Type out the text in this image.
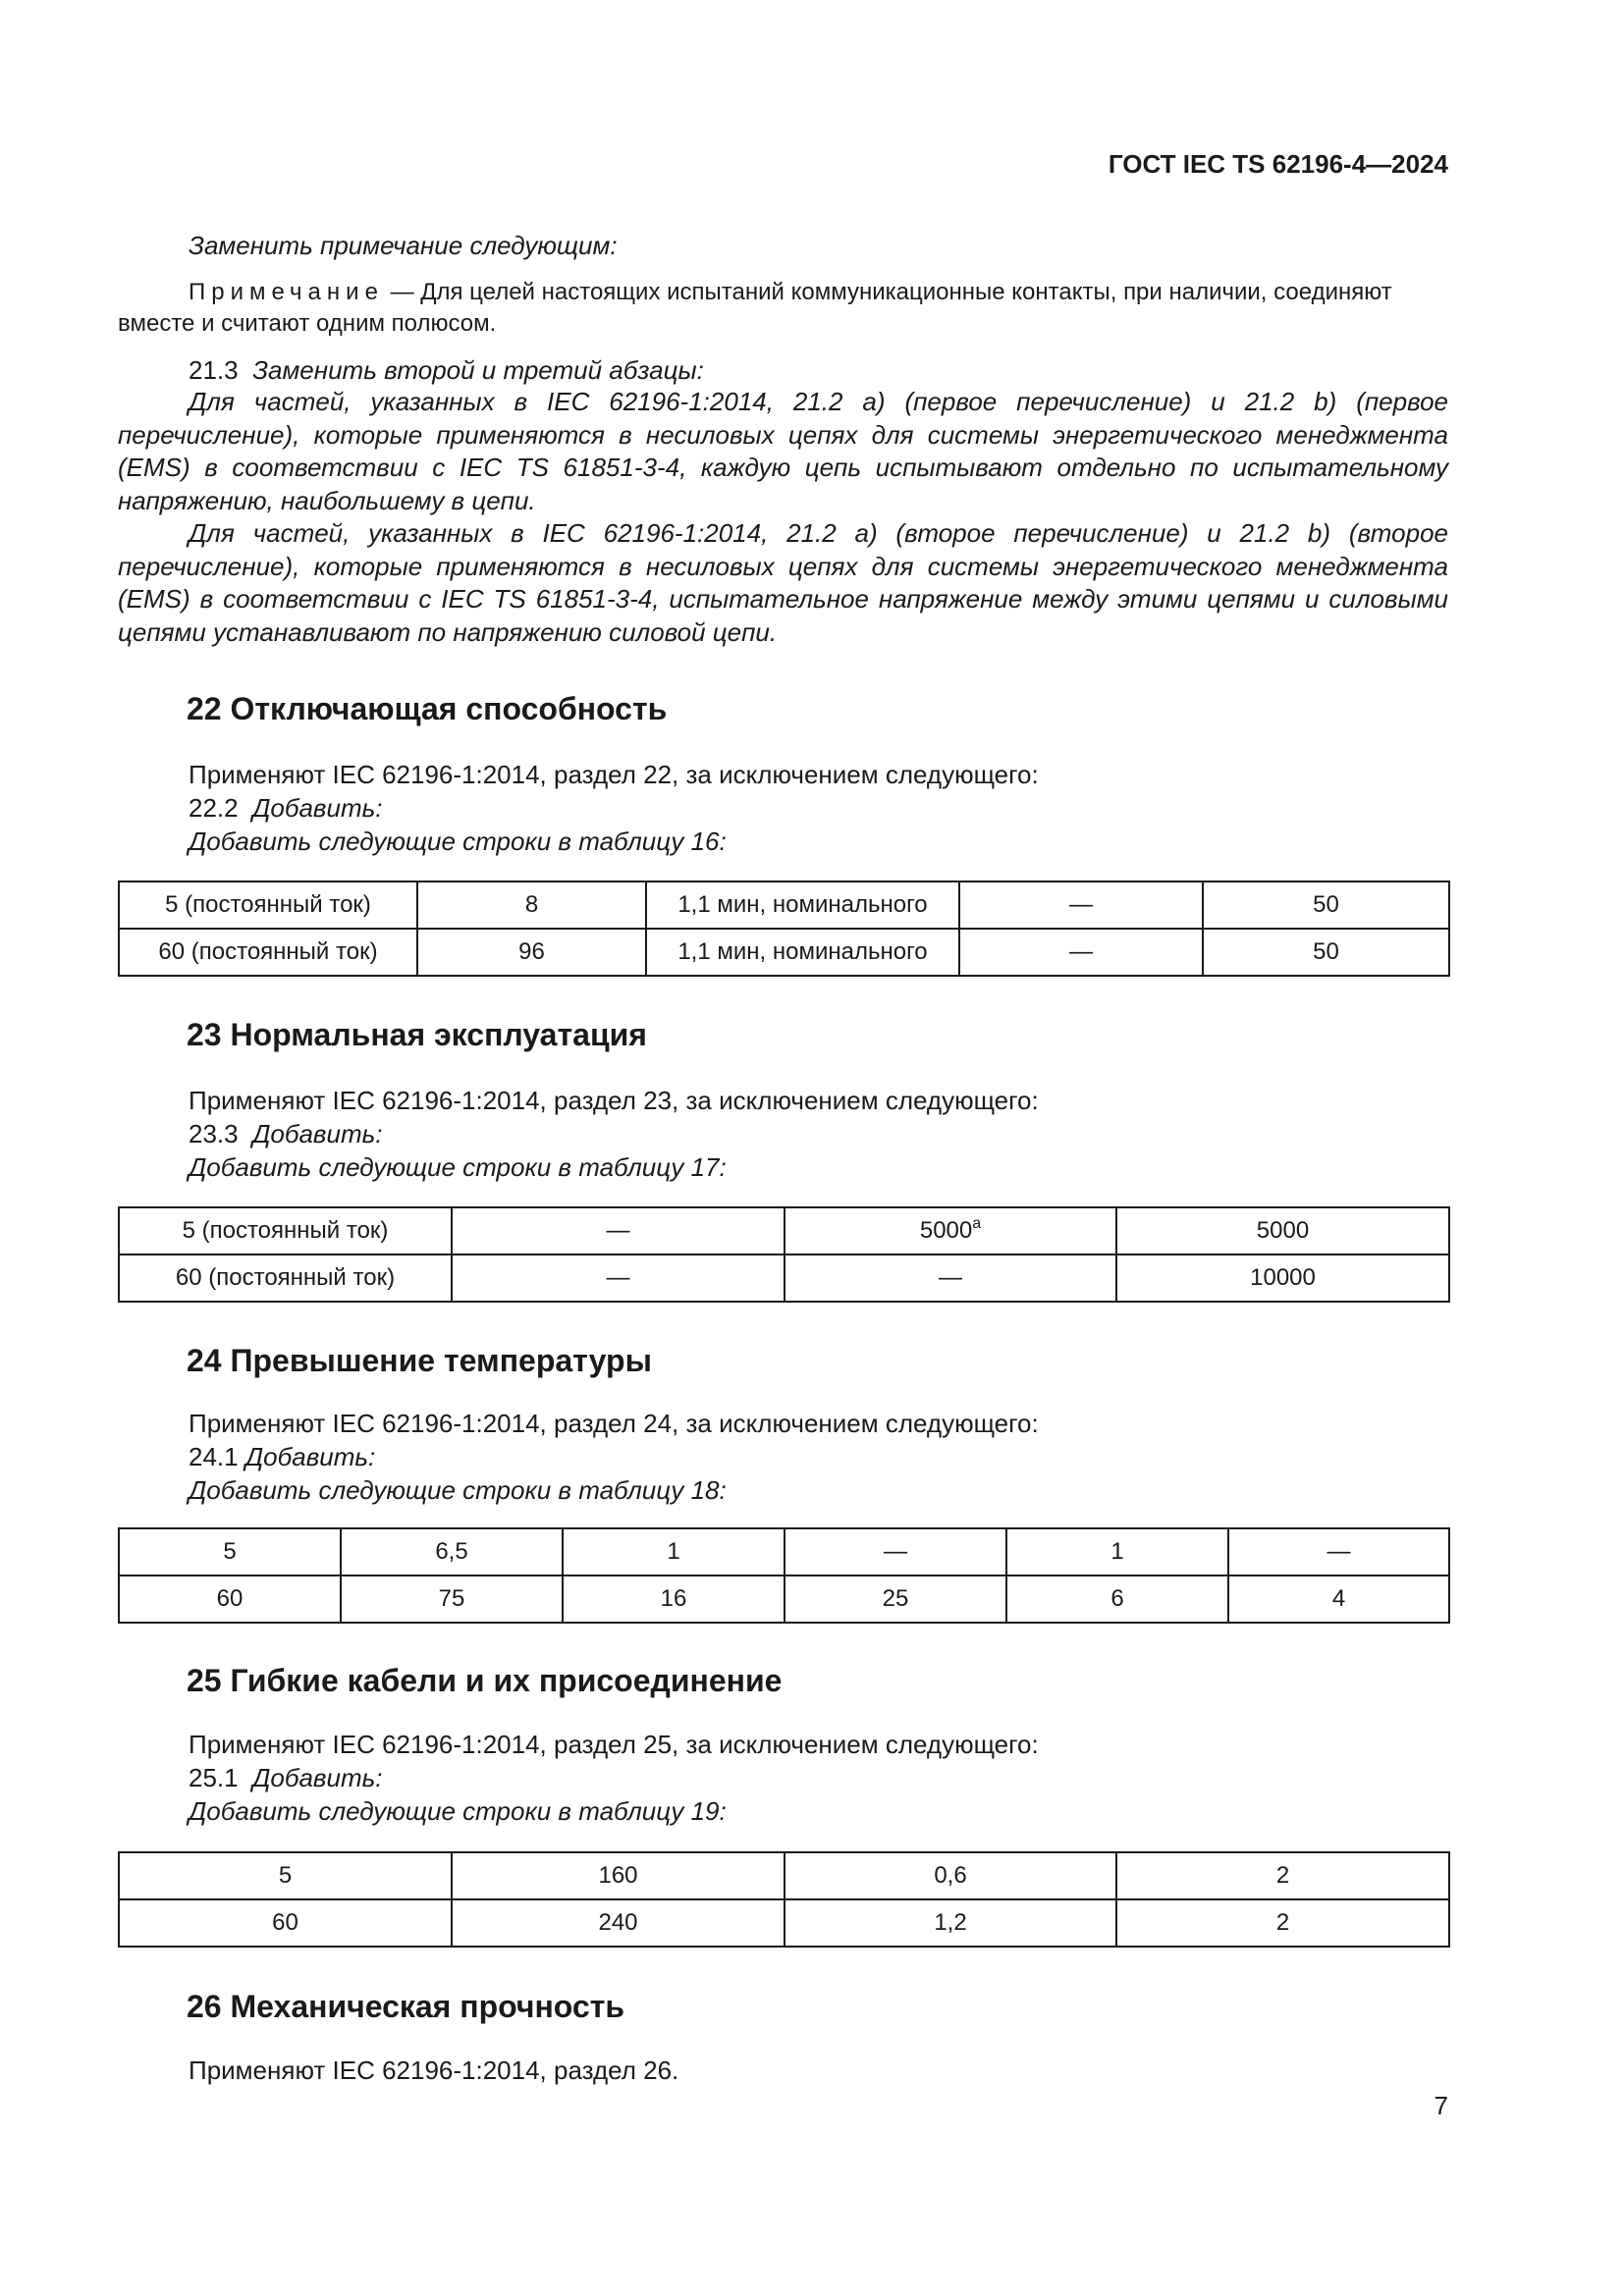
ГОСТ IEC TS 62196-4—2024
Заменить примечание следующим:
Примечание — Для целей настоящих испытаний коммуникационные контакты, при наличии, соединяют
вместе и считают одним полюсом.
21.3 Заменить второй и третий абзацы:
Для частей, указанных в IEC 62196-1:2014, 21.2 a) (первое перечисление) и 21.2 b) (первое перечисление), которые применяются в несиловых цепях для системы энергетического менеджмента (EMS) в соответствии с IEC TS 61851-3-4, каждую цепь испытывают отдельно по испытательному напряжению, наибольшему в цепи.
Для частей, указанных в IEC 62196-1:2014, 21.2 a) (второе перечисление) и 21.2 b) (второе перечисление), которые применяются в несиловых цепях для системы энергетического менеджмента (EMS) в соответствии с IEC TS 61851-3-4, испытательное напряжение между этими цепями и силовыми цепями устанавливают по напряжению силовой цепи.
22 Отключающая способность
Применяют IEC 62196-1:2014, раздел 22, за исключением следующего:
22.2 Добавить:
Добавить следующие строки в таблицу 16:
5 (постоянный ток)	8	1,1 мин, номинального	—	50
60 (постоянный ток)	96	1,1 мин, номинального	—	50
23 Нормальная эксплуатация
Применяют IEC 62196-1:2014, раздел 23, за исключением следующего:
23.3 Добавить:
Добавить следующие строки в таблицу 17:
5 (постоянный ток)	—	5000$^a$	5000
60 (постоянный ток)	—	—	10000
24 Превышение температуры
Применяют IEC 62196-1:2014, раздел 24, за исключением следующего:
24.1 Добавить:
Добавить следующие строки в таблицу 18:
5	6,5	1	—	1	—
60	75	16	25	6	4
25 Гибкие кабели и их присоединение
Применяют IEC 62196-1:2014, раздел 25, за исключением следующего:
25.1 Добавить:
Добавить следующие строки в таблицу 19:
5	160	0,6	2
60	240	1,2	2
26 Механическая прочность
Применяют IEC 62196-1:2014, раздел 26.
7
